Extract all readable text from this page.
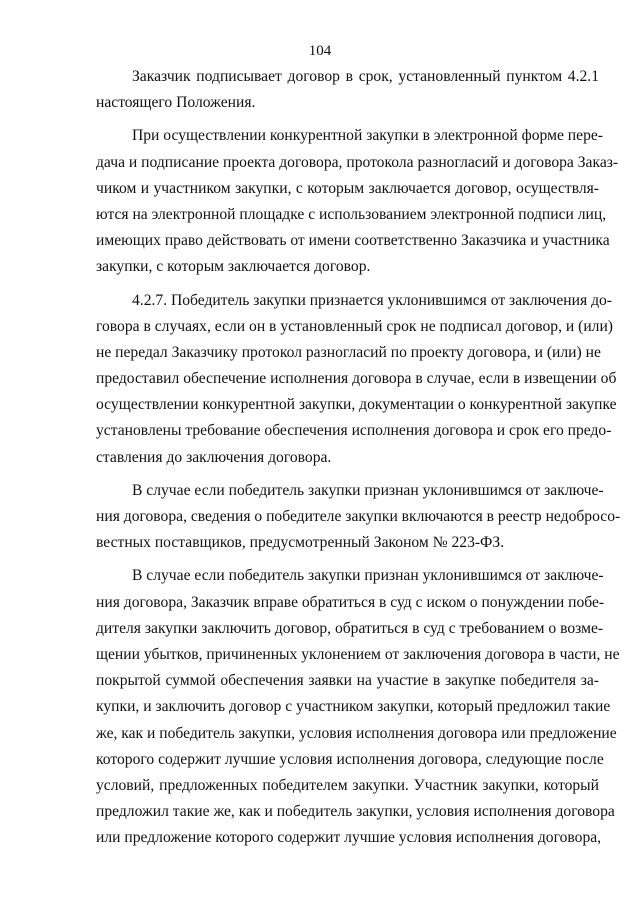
104
Заказчик подписывает договор в срок, установленный пунктом 4.2.1
настоящего Положения.
При осуществлении конкурентной закупки в электронной форме пере-
дача и подписание проекта договора, протокола разногласий и договора Заказ-
чиком и участником закупки, с которым заключается договор, осуществля-
ются на электронной площадке с использованием электронной подписи лиц,
имеющих право действовать от имени соответственно Заказчика и участника
закупки, с которым заключается договор.
4.2.7. Победитель закупки признается уклонившимся от заключения до-
говора в случаях, если он в установленный срок не подписал договор, и (или)
не передал Заказчику протокол разногласий по проекту договора, и (или) не
предоставил обеспечение исполнения договора в случае, если в извещении об
осуществлении конкурентной закупки, документации о конкурентной закупке
установлены требование обеспечения исполнения договора и срок его предо-
ставления до заключения договора.
В случае если победитель закупки признан уклонившимся от заключе-
ния договора, сведения о победителе закупки включаются в реестр недобросо-
вестных поставщиков, предусмотренный Законом № 223-ФЗ.
В случае если победитель закупки признан уклонившимся от заключе-
ния договора, Заказчик вправе обратиться в суд с иском о понуждении побе-
дителя закупки заключить договор, обратиться в суд с требованием о возме-
щении убытков, причиненных уклонением от заключения договора в части, не
покрытой суммой обеспечения заявки на участие в закупке победителя за-
купки, и заключить договор с участником закупки, который предложил такие
же, как и победитель закупки, условия исполнения договора или предложение
которого содержит лучшие условия исполнения договора, следующие после
условий, предложенных победителем закупки. Участник закупки, который
предложил такие же, как и победитель закупки, условия исполнения договора
или предложение которого содержит лучшие условия исполнения договора,
